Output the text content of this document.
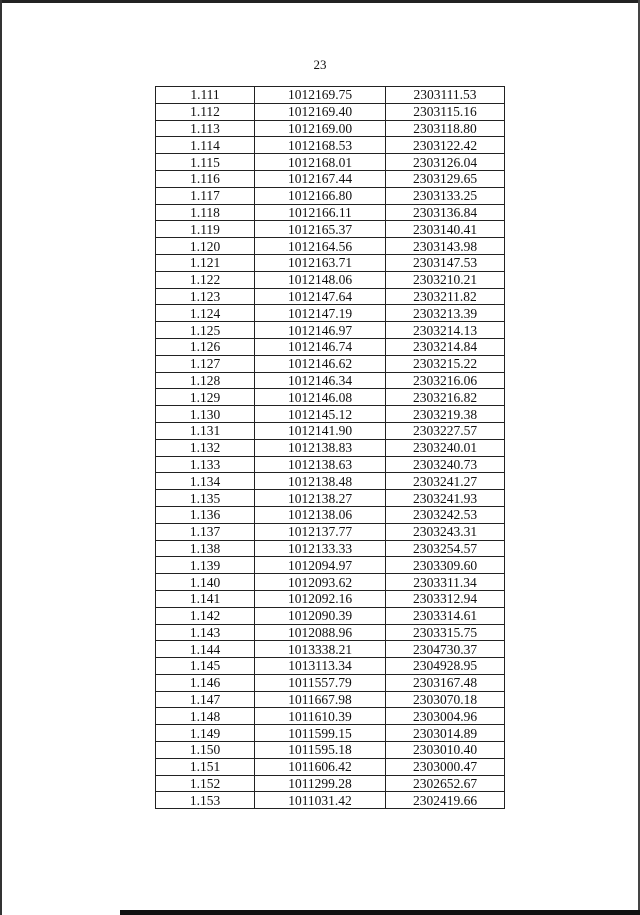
23
1.111	1012169.75	2303111.53
1.112	1012169.40	2303115.16
1.113	1012169.00	2303118.80
1.114	1012168.53	2303122.42
1.115	1012168.01	2303126.04
1.116	1012167.44	2303129.65
1.117	1012166.80	2303133.25
1.118	1012166.11	2303136.84
1.119	1012165.37	2303140.41
1.120	1012164.56	2303143.98
1.121	1012163.71	2303147.53
1.122	1012148.06	2303210.21
1.123	1012147.64	2303211.82
1.124	1012147.19	2303213.39
1.125	1012146.97	2303214.13
1.126	1012146.74	2303214.84
1.127	1012146.62	2303215.22
1.128	1012146.34	2303216.06
1.129	1012146.08	2303216.82
1.130	1012145.12	2303219.38
1.131	1012141.90	2303227.57
1.132	1012138.83	2303240.01
1.133	1012138.63	2303240.73
1.134	1012138.48	2303241.27
1.135	1012138.27	2303241.93
1.136	1012138.06	2303242.53
1.137	1012137.77	2303243.31
1.138	1012133.33	2303254.57
1.139	1012094.97	2303309.60
1.140	1012093.62	2303311.34
1.141	1012092.16	2303312.94
1.142	1012090.39	2303314.61
1.143	1012088.96	2303315.75
1.144	1013338.21	2304730.37
1.145	1013113.34	2304928.95
1.146	1011557.79	2303167.48
1.147	1011667.98	2303070.18
1.148	1011610.39	2303004.96
1.149	1011599.15	2303014.89
1.150	1011595.18	2303010.40
1.151	1011606.42	2303000.47
1.152	1011299.28	2302652.67
1.153	1011031.42	2302419.66
